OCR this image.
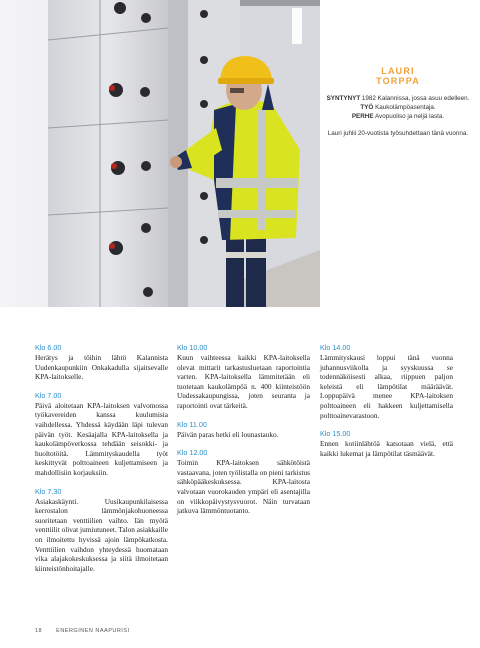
LAURI
TORPPA
SYNTYNYT 1982 Kalannissa, jossa asuu edelleen.
TYÖ Kaukolämpöasentaja.
PERHE Avopuoliso ja neljä lasta.
Lauri juhlii 20-vuotista työsuhdettaan tänä vuonna.
Klo 6.00

Herätys ja töihin lähtö Kalannista Uudenkaupunkiin Onkakadulla sijaitsevalle KPA-laitokselle.

Klo 7.00

Päivä aloitetaan KPA-laitoksen valvomossa työkavereiden kanssa kuulumisia vaihdellessa. Yhdessä käydään läpi tulevan päivän työt. Kesäajalla KPA-laitoksella ja kaukolämpöverkossa tehdään seisokki- ja huoltotöitä. Lämmityskaudella työt keskittyvät polttoaineen kuljettamiseen ja mahdollisiin korjauksiin.

Klo 7.30

Asiakaskäynti. Uusikaupunkilaisessa kerrostalon lämmönjakohuoneessa suoritetaan venttiilien vaihto. Iän myötä venttiilit olivat jumiutuneet. Talon asiakkaille on ilmoitettu hyvissä ajoin lämpökatkosta. Venttiilien vaihdon yhteydessä huomataan vika alajakokeskuksessa ja siitä ilmoitetaan kiinteistönhoitajalle.

Klo 10.00

Kuun vaihteessa kaikki KPA-laitoksella olevat mittarit tarkastusluetaan raportointia varten. KPA-laitoksella lämmitetään eli tuotetaan kaukolämpöä n. 400 kiinteistöön Uudessakaupungissa, joten seuranta ja raportointi ovat tärkeitä.

Klo 11.00

Päivän paras hetki eli lounastauko.

Klo 12.00

Toimin KPA-laitoksen sähkötöistä vastaavana, joten työlistalla on pieni tarkistus sähköpääkeskuksessa. KPA-laitosta valvotaan vuorokauden ympäri eli asentajilla on viikkopäivystysvuorot. Näin turvataan jatkuva lämmöntuotanto.

Klo 14.00

Lämmityskausi loppui tänä vuonna juhannusviikolla ja syyskuussa se todennäköisesti alkaa, riippuen paljon keleistä eli lämpötilat määräävät. Loppupäivä menee KPA-laitoksen polttoaineen eli hakkeen kuljettamisella polttoainevarastoon.

Klo 15.00

Ennen kotiinlähtöä katsotaan vielä, että kaikki lukemat ja lämpötilat täsmäävät.

18	ENERGINEN NAAPURISI
